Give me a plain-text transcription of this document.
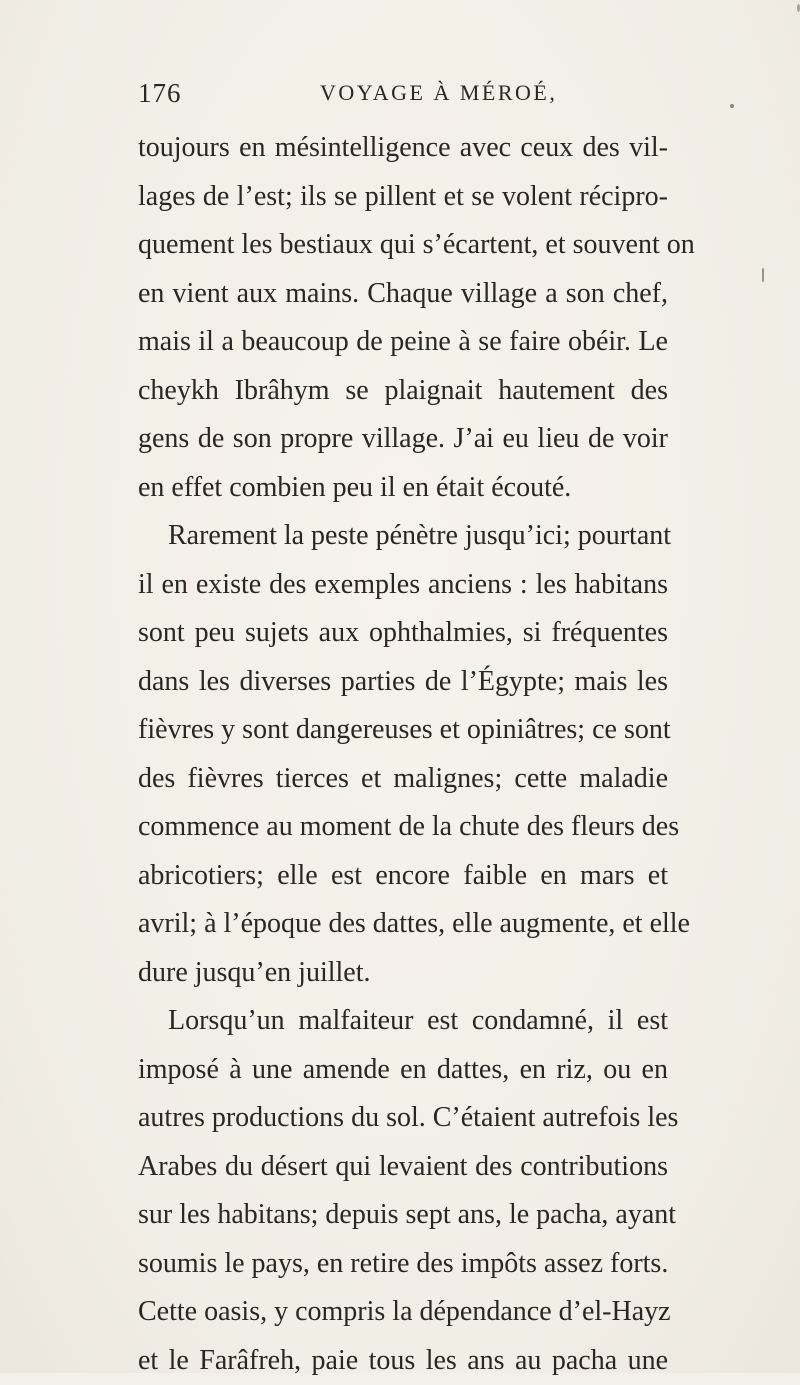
176	VOYAGE À MÉROÉ,
toujours en mésintelligence avec ceux des vil-
lages de l’est; ils se pillent et se volent récipro-
quement les bestiaux qui s’écartent, et souvent on
en vient aux mains. Chaque village a son chef,
mais il a beaucoup de peine à se faire obéir. Le
cheykh Ibrâhym se plaignait hautement des
gens de son propre village. J’ai eu lieu de voir
en effet combien peu il en était écouté.
Rarement la peste pénètre jusqu’ici; pourtant
il en existe des exemples anciens : les habitans
sont peu sujets aux ophthalmies, si fréquentes
dans les diverses parties de l’Égypte; mais les
fièvres y sont dangereuses et opiniâtres; ce sont
des fièvres tierces et malignes; cette maladie
commence au moment de la chute des fleurs des
abricotiers; elle est encore faible en mars et
avril; à l’époque des dattes, elle augmente, et elle
dure jusqu’en juillet.
Lorsqu’un malfaiteur est condamné, il est
imposé à une amende en dattes, en riz, ou en
autres productions du sol. C’étaient autrefois les
Arabes du désert qui levaient des contributions
sur les habitans; depuis sept ans, le pacha, ayant
soumis le pays, en retire des impôts assez forts.
Cette oasis, y compris la dépendance d’el-Hayz
et le Farâfreh, paie tous les ans au pacha une
